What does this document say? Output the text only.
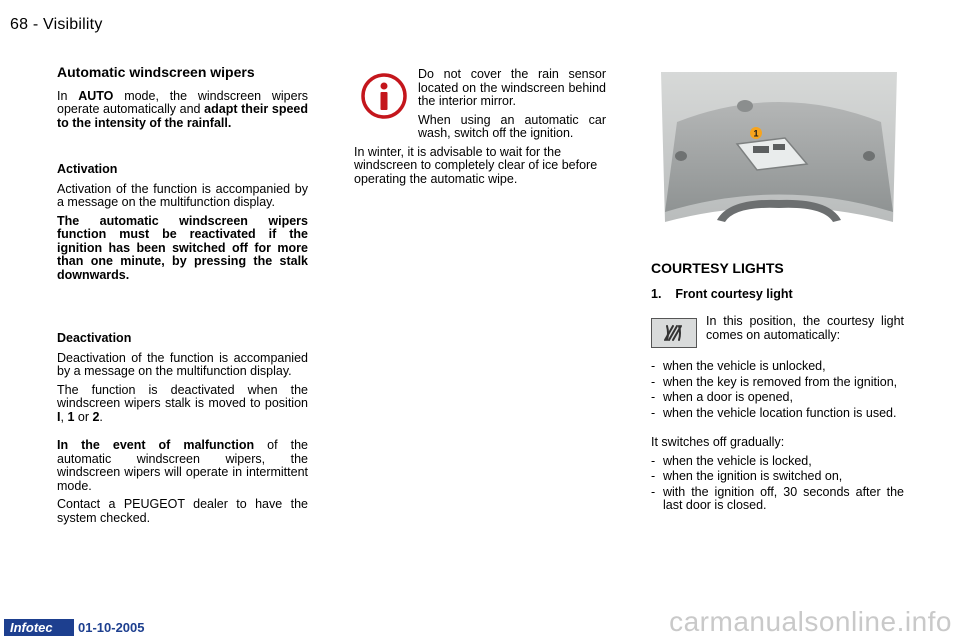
68 - Visibility

Automatic windscreen wipers

In AUTO mode, the windscreen wipers operate automatically and adapt their speed to the intensity of the rainfall.

Activation

Activation of the function is accompanied by a message on the multifunction display.

The automatic windscreen wipers function must be reactivated if the ignition has been switched off for more than one minute, by pressing the stalk downwards.

Deactivation

Deactivation of the function is accompanied by a message on the multifunction display.

The function is deactivated when the windscreen wipers stalk is moved to position I, 1 or 2.

In the event of malfunction of the automatic windscreen wipers, the windscreen wipers will operate in intermittent mode.

Contact a PEUGEOT dealer to have the system checked.

Do not cover the rain sensor located on the windscreen behind the interior mirror.

When using an automatic car wash, switch off the ignition.

In winter, it is advisable to wait for the windscreen to completely clear of ice before operating the automatic wipe.

1

COURTESY LIGHTS

1.    Front courtesy light

In this position, the courtesy light comes on automatically:

- when the vehicle is unlocked,
- when the key is removed from the ignition,
- when a door is opened,
- when the vehicle location function is used.

It switches off gradually:

- when the vehicle is locked,
- when the ignition is switched on,
- with the ignition off, 30 seconds after the last door is closed.
Infotec	01-10-2005	carmanualsonline.info
